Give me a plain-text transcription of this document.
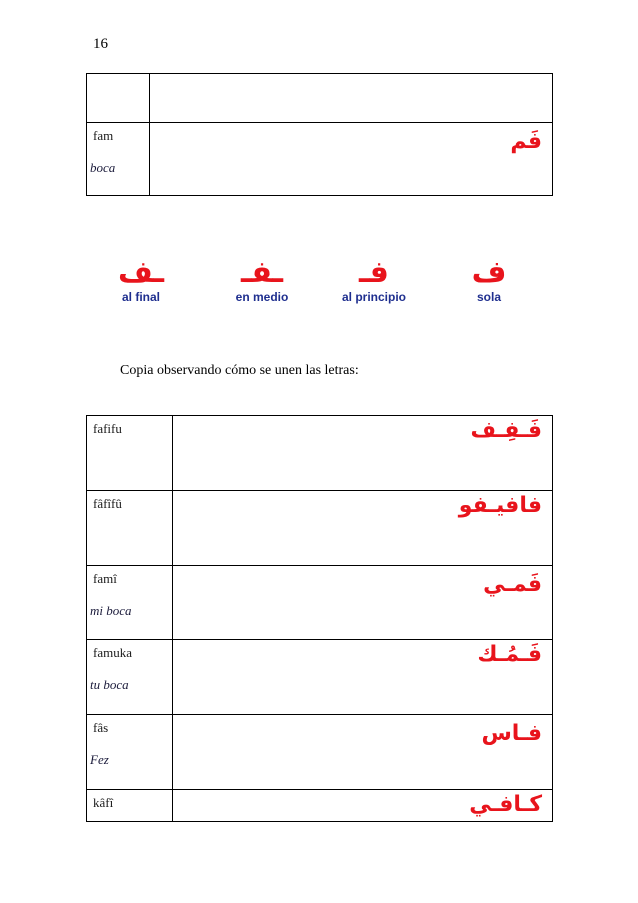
16

fam
boca	فَم
ـف
al final
ـفـ
en medio
فـ
al principio
ف
sola
Copia observando cómo se unen las letras:
fafifu	فَـفِـف

fâfîfû	فافيـفو

famî
mi boca	فَمـي

famuka
tu boca	فَـمُـك

fâs
Fez	فـاس

kâfî	كـافـي
